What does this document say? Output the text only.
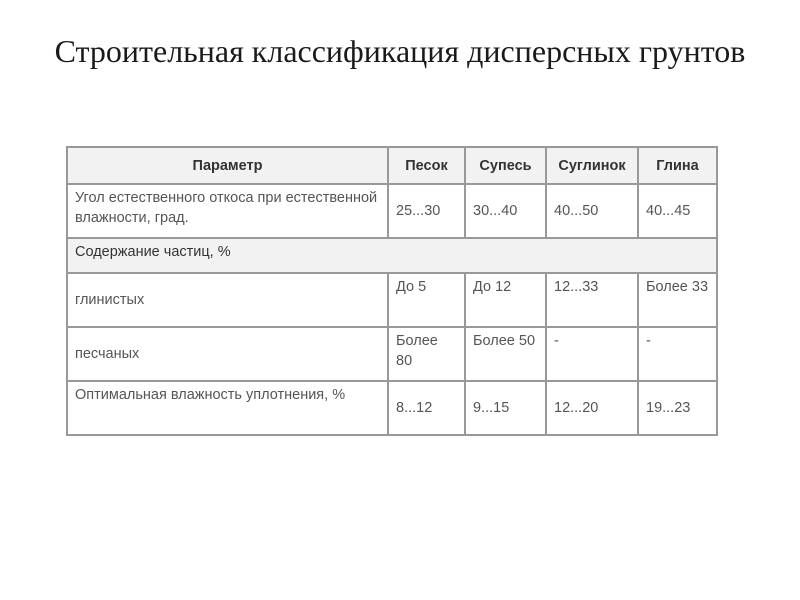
Строительная классификация дисперсных грунтов
Параметр	Песок	Супесь	Суглинок	Глина
Угол естественного откоса при естественной влажности, град.	25...30	30...40	40...50	40...45
Содержание частиц, %				
глинистых	До 5	До 12	12...33	Более 33
песчаных	Более 80	Более 50	-	-
Оптимальная влажность уплотнения, %	8...12	9...15	12...20	19...23
